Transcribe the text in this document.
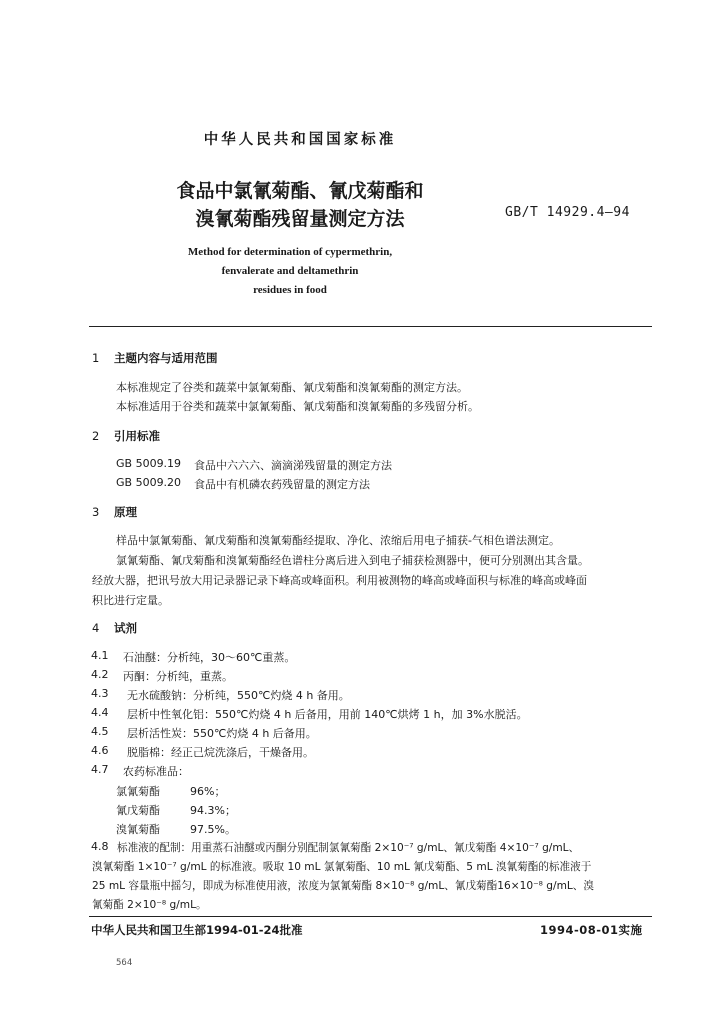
中华人民共和国国家标准
食品中氯氰菊酯、氰戊菊酯和
溴氰菊酯残留量测定方法	GB/T 14929.4—94
Method for determination of cypermethrin,
fenvalerate and deltamethrin
residues in food
1 主题内容与适用范围
本标准规定了谷类和蔬菜中氯氰菊酯、氰戊菊酯和溴氰菊酯的测定方法。
本标准适用于谷类和蔬菜中氯氰菊酯、氰戊菊酯和溴氰菊酯的多残留分析。
2 引用标准
GB 5009.19 食品中六六六、滴滴涕残留量的测定方法
GB 5009.20 食品中有机磷农药残留量的测定方法
3 原理
样品中氯氰菊酯、氰戊菊酯和溴氰菊酯经提取、净化、浓缩后用电子捕获-气相色谱法测定。
氯氰菊酯、氰戊菊酯和溴氰菊酯经色谱柱分离后进入到电子捕获检测器中，便可分别测出其含量。
经放大器，把讯号放大用记录器记录下峰高或峰面积。利用被测物的峰高或峰面积与标准的峰高或峰面
积比进行定量。
4 试剂
4.1 石油醚：分析纯，30～60℃重蒸。
4.2 丙酮：分析纯，重蒸。
4.3 无水硫酸钠：分析纯，550℃灼烧 4 h 备用。
4.4 层析中性氧化铝：550℃灼烧 4 h 后备用，用前 140℃烘烤 1 h，加 3%水脱活。
4.5 层析活性炭：550℃灼烧 4 h 后备用。
4.6 脱脂棉：经正己烷洗涤后，干燥备用。
4.7 农药标准品：
氯氰菊酯	96%；
氰戊菊酯	94.3%；
溴氰菊酯	97.5%。
4.8 标准液的配制：用重蒸石油醚或丙酮分别配制氯氰菊酯 2×10⁻⁷ g/mL、氰戊菊酯 4×10⁻⁷ g/mL、
溴氰菊酯 1×10⁻⁷ g/mL 的标准液。吸取 10 mL 氯氰菊酯、10 mL 氰戊菊酯、5 mL 溴氰菊酯的标准液于
25 mL 容量瓶中摇匀，即成为标准使用液，浓度为氯氰菊酯 8×10⁻⁸ g/mL、氰戊菊酯16×10⁻⁸ g/mL、溴
氰菊酯 2×10⁻⁸ g/mL。
中华人民共和国卫生部1994-01-24批准	1994-08-01实施
564
